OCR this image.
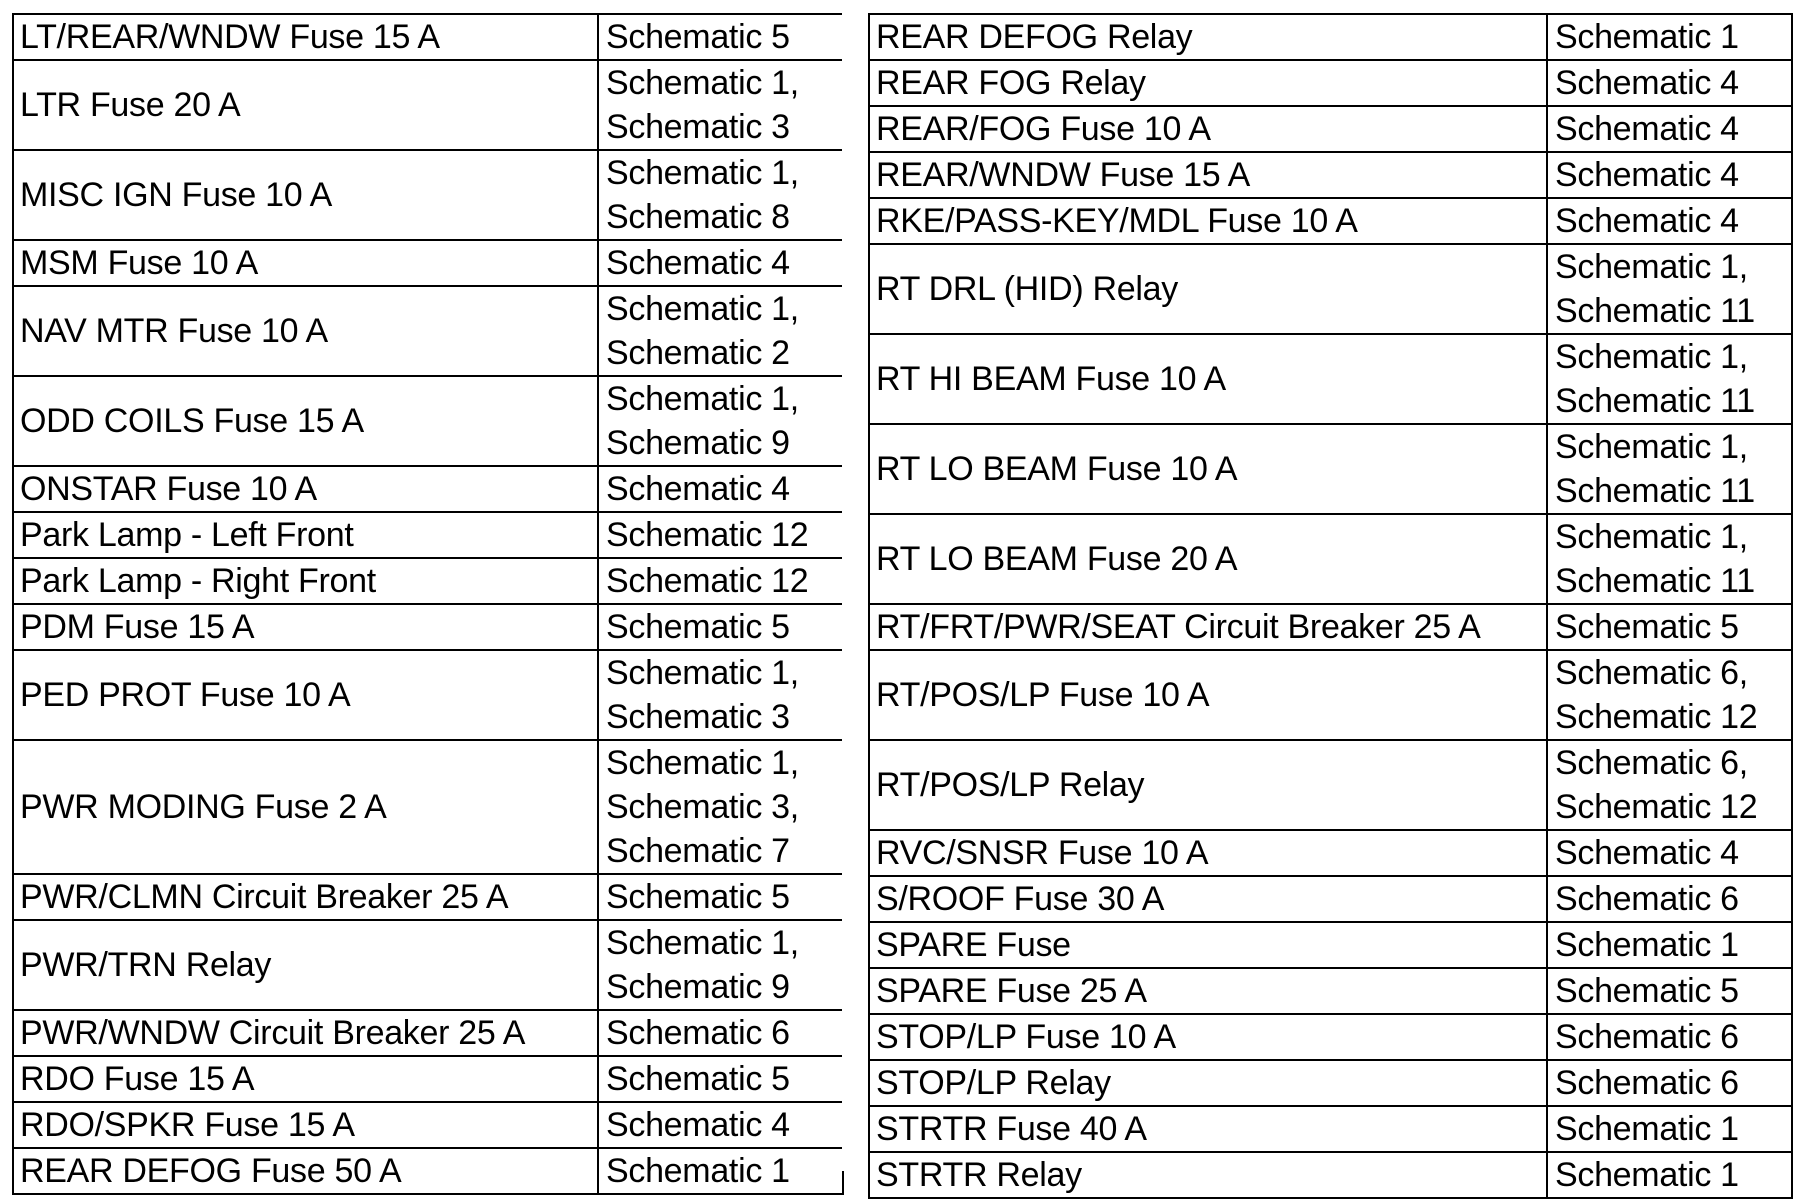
LT/REAR/WNDW Fuse 15 A	Schematic 5

LTR Fuse 20 A	Schematic 1,
Schematic 3

MISC IGN Fuse 10 A	Schematic 1,
Schematic 8

MSM Fuse 10 A	Schematic 4

NAV MTR Fuse 10 A	Schematic 1,
Schematic 2

ODD COILS Fuse 15 A	Schematic 1,
Schematic 9

ONSTAR Fuse 10 A	Schematic 4

Park Lamp - Left Front	Schematic 12

Park Lamp - Right Front	Schematic 12

PDM Fuse 15 A	Schematic 5

PED PROT Fuse 10 A	Schematic 1,
Schematic 3

PWR MODING Fuse 2 A	Schematic 1,
Schematic 3,
Schematic 7

PWR/CLMN Circuit Breaker 25 A	Schematic 5

PWR/TRN Relay	Schematic 1,
Schematic 9

PWR/WNDW Circuit Breaker 25 A	Schematic 6

RDO Fuse 15 A	Schematic 5

RDO/SPKR Fuse 15 A	Schematic 4

REAR DEFOG Fuse 50 A	Schematic 1
REAR DEFOG Relay	Schematic 1

REAR FOG Relay	Schematic 4

REAR/FOG Fuse 10 A	Schematic 4

REAR/WNDW Fuse 15 A	Schematic 4

RKE/PASS-KEY/MDL Fuse 10 A	Schematic 4

RT DRL (HID) Relay	Schematic 1,
Schematic 11

RT HI BEAM Fuse 10 A	Schematic 1,
Schematic 11

RT LO BEAM Fuse 10 A	Schematic 1,
Schematic 11

RT LO BEAM Fuse 20 A	Schematic 1,
Schematic 11

RT/FRT/PWR/SEAT Circuit Breaker 25 A	Schematic 5

RT/POS/LP Fuse 10 A	Schematic 6,
Schematic 12

RT/POS/LP Relay	Schematic 6,
Schematic 12

RVC/SNSR Fuse 10 A	Schematic 4

S/ROOF Fuse 30 A	Schematic 6

SPARE Fuse	Schematic 1

SPARE Fuse 25 A	Schematic 5

STOP/LP Fuse 10 A	Schematic 6

STOP/LP Relay	Schematic 6

STRTR Fuse 40 A	Schematic 1

STRTR Relay	Schematic 1
